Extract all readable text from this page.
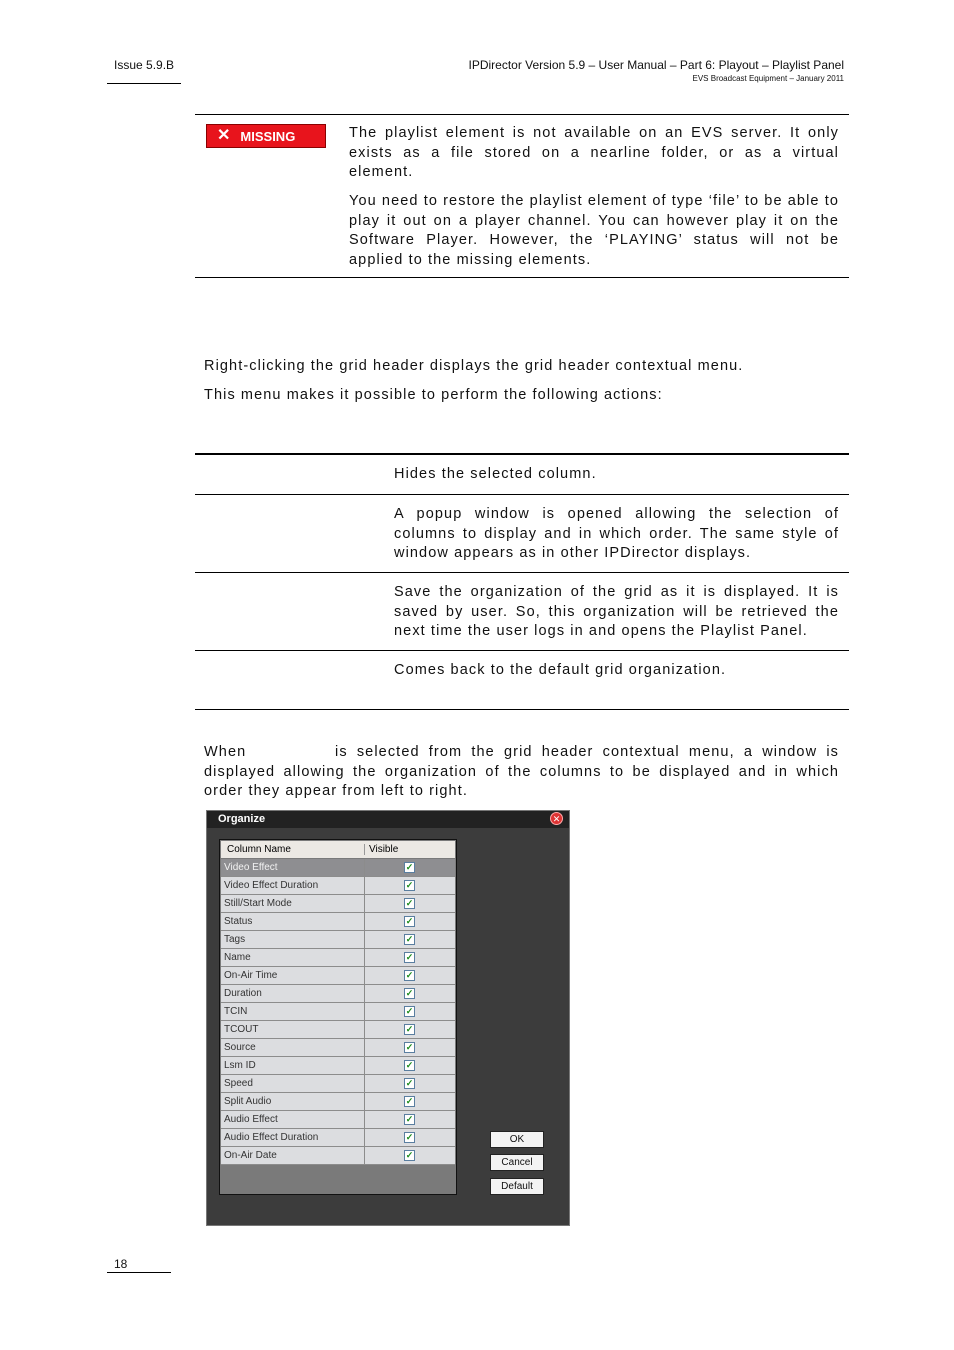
Issue 5.9.B	IPDirector Version 5.9 – User Manual – Part 6: Playout – Playlist Panel
EVS Broadcast Equipment – January 2011
✕ MISSING	The playlist element is not available on an EVS server. It only exists as a file stored on a nearline folder, or as a virtual element.
You need to restore the playlist element of type ‘file’ to be able to play it out on a player channel. You can however play it on the Software Player. However, the ‘PLAYING’ status will not be applied to the missing elements.
Right-clicking the grid header displays the grid header contextual menu.
This menu makes it possible to perform the following actions:
Hides the selected column.
A popup window is opened allowing the selection of columns to display and in which order. The same style of window appears as in other IPDirector displays.
Save the organization of the grid as it is displayed. It is saved by user. So, this organization will be retrieved the next time the user logs in and opens the Playlist Panel.
Comes back to the default grid organization.
When	is selected from the grid header contextual menu, a window is displayed allowing the organization of the columns to be displayed and in which order they appear from left to right.
Organize	✕
Column Name	Visible
Video Effect	✓
Video Effect Duration	✓
Still/Start Mode	✓
Status	✓
Tags	✓
Name	✓
On-Air Time	✓
Duration	✓
TCIN	✓
TCOUT	✓
Source	✓
Lsm ID	✓
Speed	✓
Split Audio	✓
Audio Effect	✓
Audio Effect Duration	✓
On-Air Date	✓
OK
Cancel
Default
18
